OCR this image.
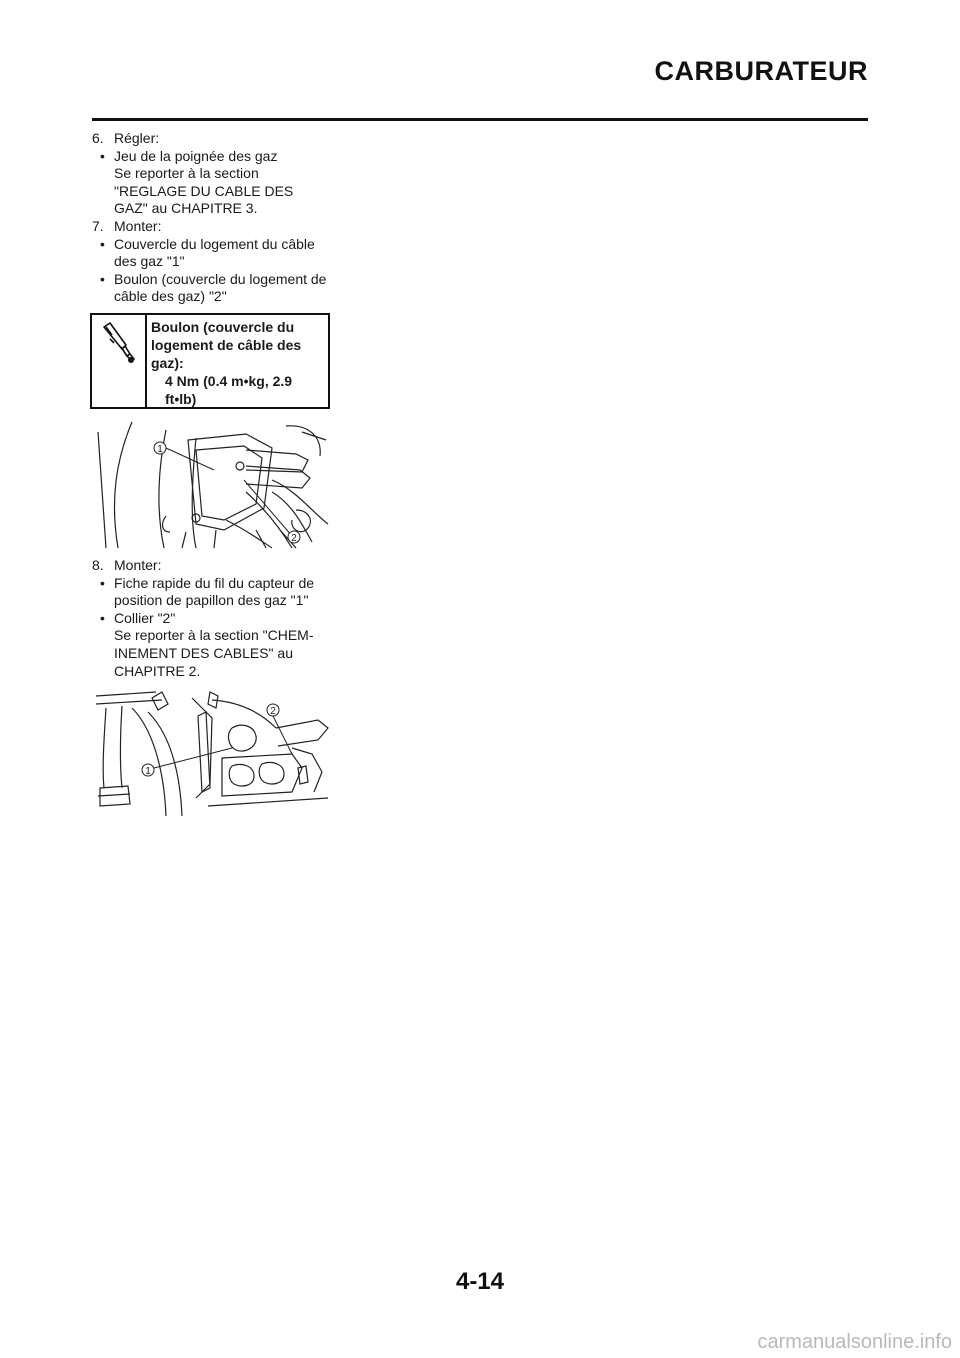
CARBURATEUR
6. Régler:
• Jeu de la poignée des gaz
Se reporter à la section
"REGLAGE DU CABLE DES
GAZ" au CHAPITRE 3.
7. Monter:
• Couvercle du logement du câble des gaz "1"
• Boulon (couvercle du logement de câble des gaz) "2"
Boulon (couvercle du
logement de câble des
gaz):
4 Nm (0.4 m•kg, 2.9
ft•lb)
1
2
8. Monter:
• Fiche rapide du fil du capteur de position de papillon des gaz "1"
• Collier "2"
Se reporter à la section "CHEM-
INEMENT DES CABLES" au
CHAPITRE 2.
2
1
4-14
carmanualsonline.info
